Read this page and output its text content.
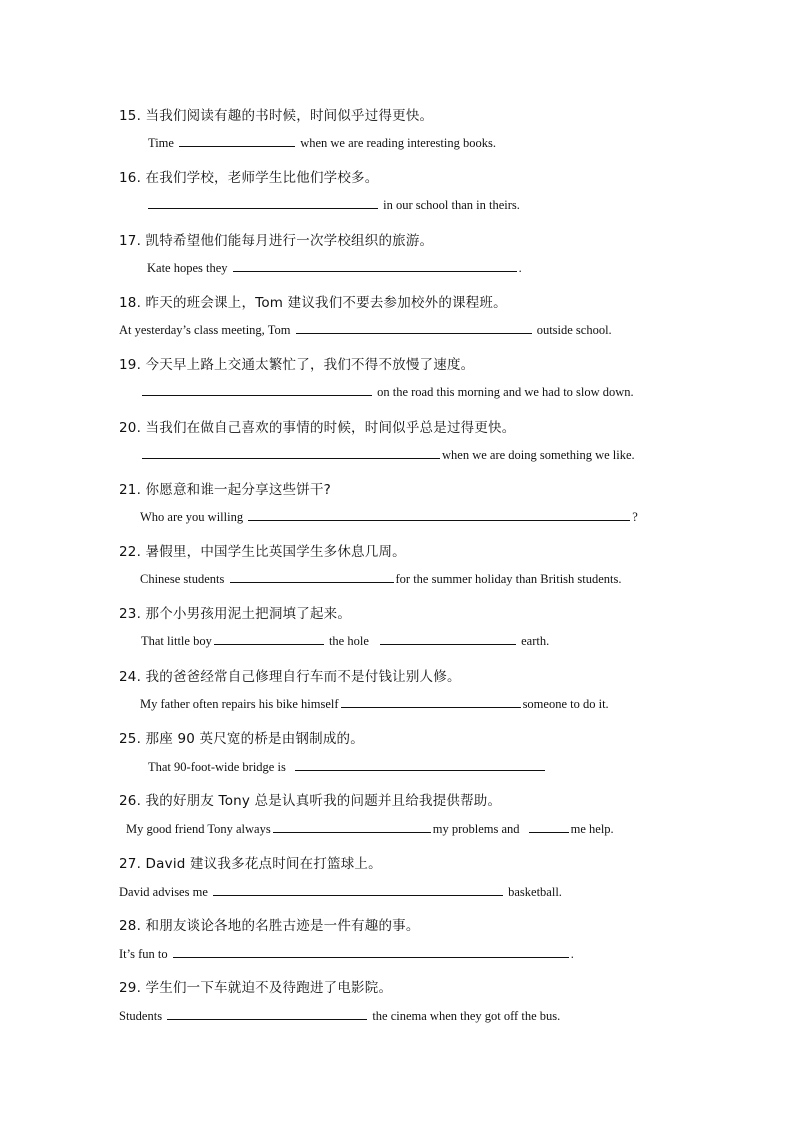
15. 当我们阅读有趣的书时候，时间似乎过得更快。
Time	when we are reading interesting books.
16. 在我们学校，老师学生比他们学校多。
in our school than in theirs.
17. 凯特希望他们能每月进行一次学校组织的旅游。
Kate hopes they	.
18. 昨天的班会课上，Tom 建议我们不要去参加校外的课程班。
At yesterday’s class meeting, Tom	outside school.
19. 今天早上路上交通太繁忙了，我们不得不放慢了速度。
on the road this morning and we had to slow down.
20. 当我们在做自己喜欢的事情的时候，时间似乎总是过得更快。
when we are doing something we like.
21. 你愿意和谁一起分享这些饼干?
Who are you willing	?
22. 暑假里，中国学生比英国学生多休息几周。
Chinese students	for the summer holiday than British students.
23. 那个小男孩用泥土把洞填了起来。
That little boy	the hole	earth.
24. 我的爸爸经常自己修理自行车而不是付钱让别人修。
My father often repairs his bike himself	someone to do it.
25. 那座 90 英尺宽的桥是由钢制成的。
That 90-foot-wide bridge is
26. 我的好朋友 Tony 总是认真听我的问题并且给我提供帮助。
My good friend Tony always	my problems and	me help.
27. David 建议我多花点时间在打篮球上。
David advises me	basketball.
28. 和朋友谈论各地的名胜古迹是一件有趣的事。
It’s fun to	.
29. 学生们一下车就迫不及待跑进了电影院。
Students	the cinema when they got off the bus.
